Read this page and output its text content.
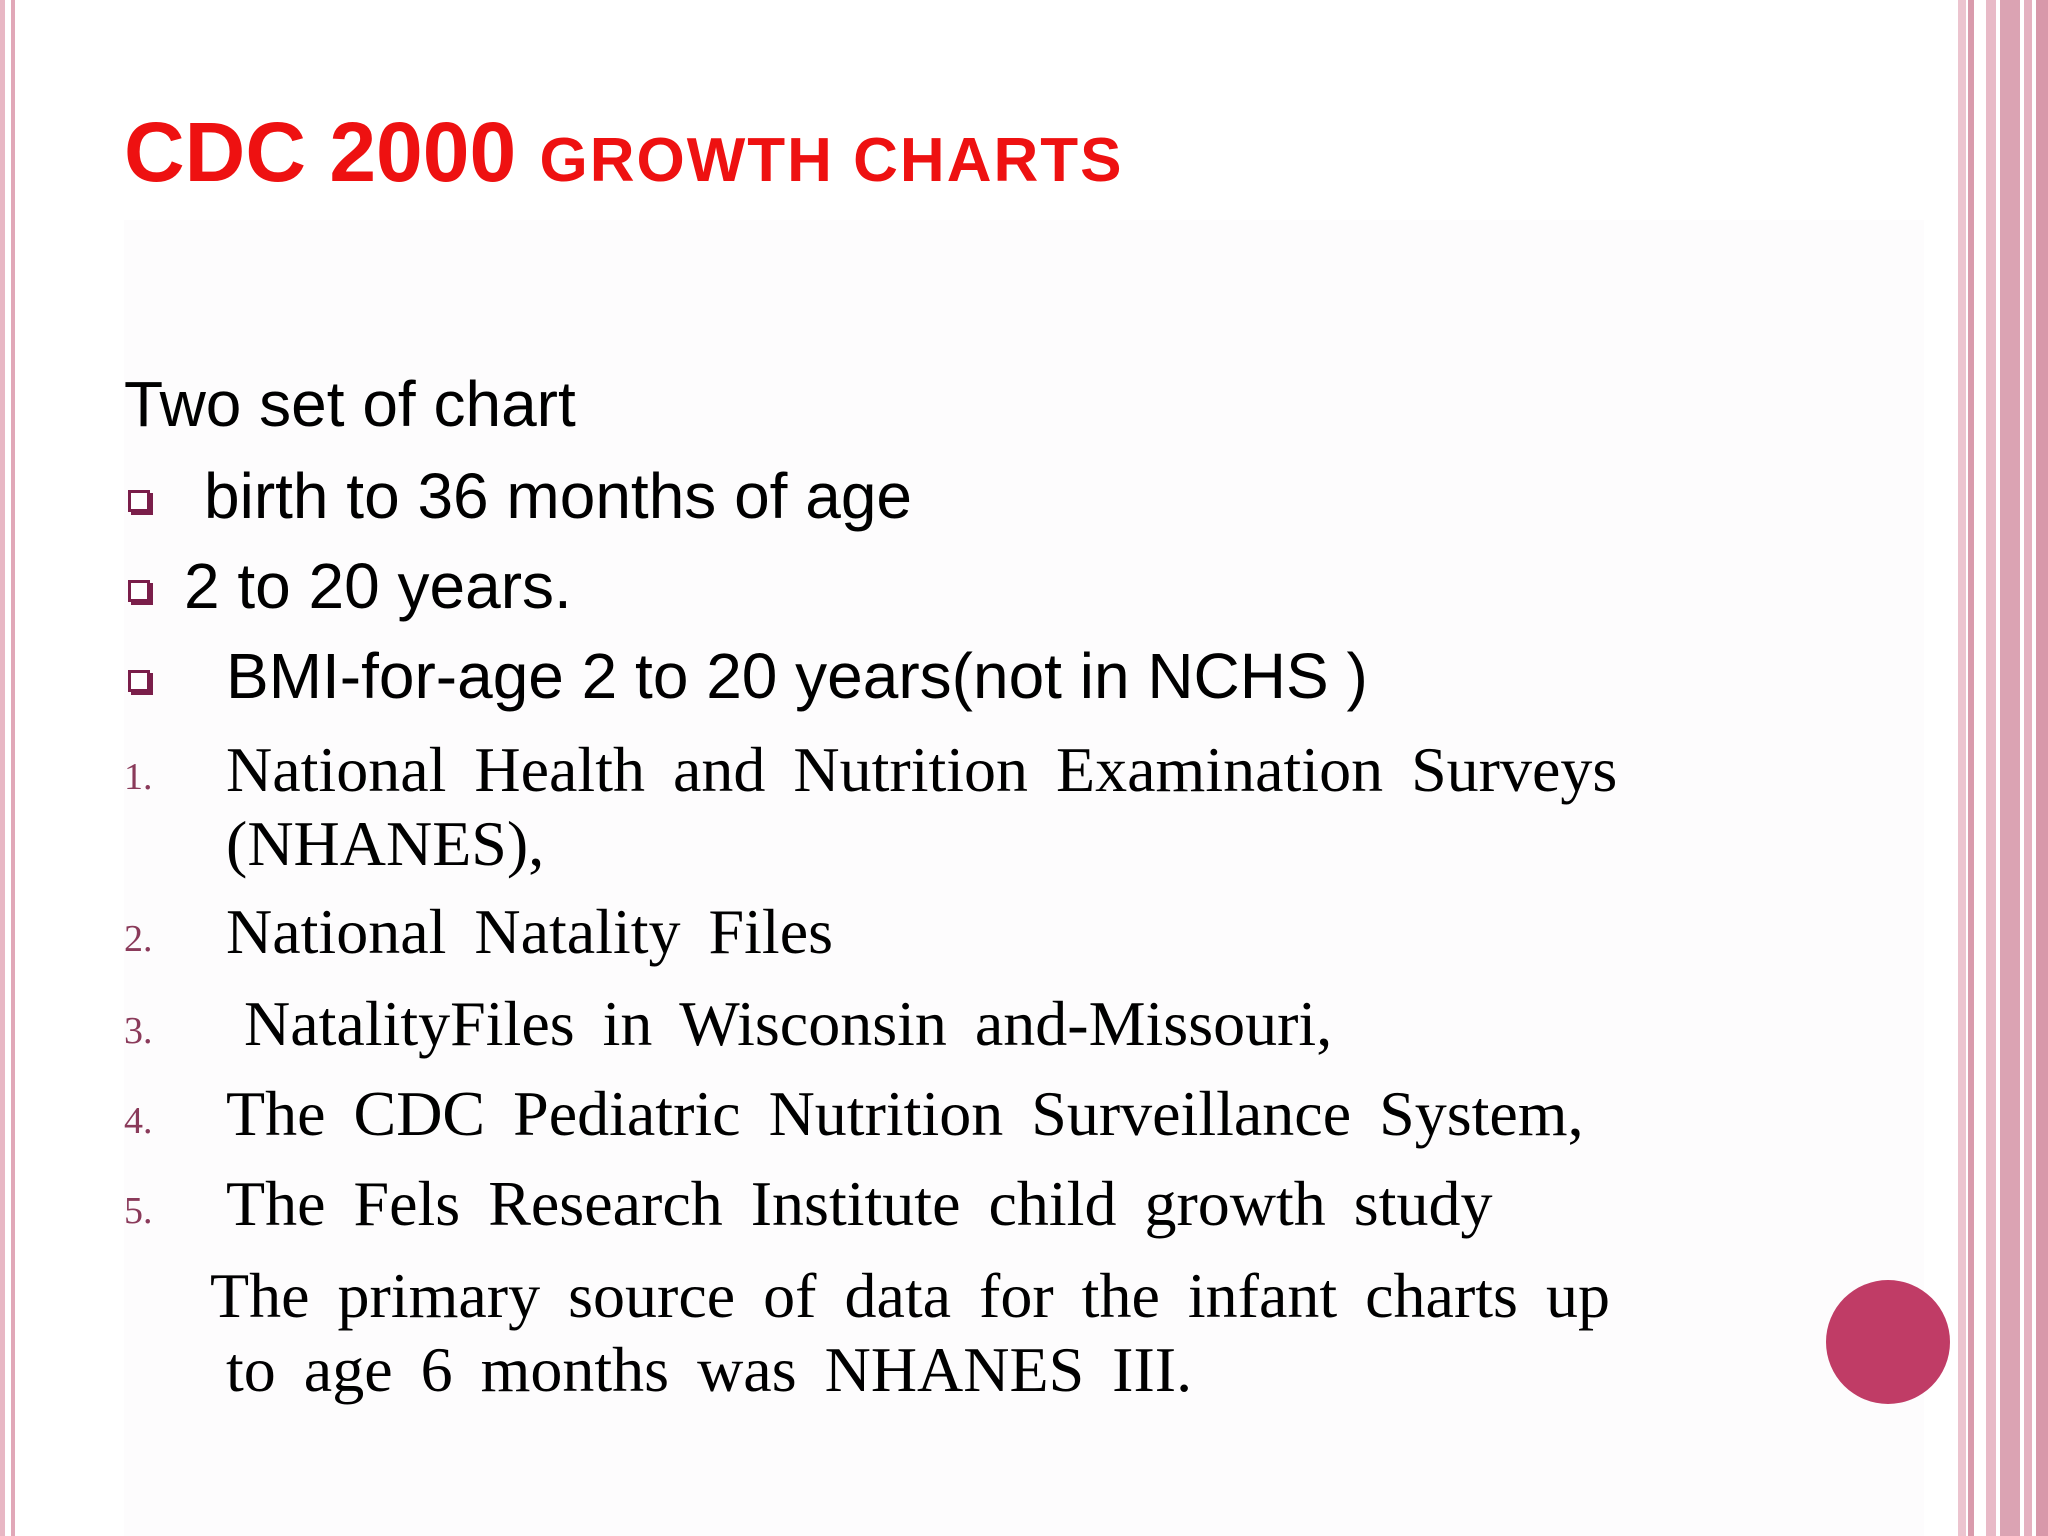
CDC 2000 GROWTH CHARTS
Two set of chart
birth to 36 months of age
2 to 20 years.
BMI-for-age 2 to 20 years(not in NCHS )
1. National Health and Nutrition Examination Surveys
(NHANES),
2. National Natality Files
3. NatalityFiles in Wisconsin and-Missouri,
4. The CDC Pediatric Nutrition Surveillance System,
5. The Fels Research Institute child growth study
The primary source of data for the infant charts up
to age 6 months was NHANES III.
